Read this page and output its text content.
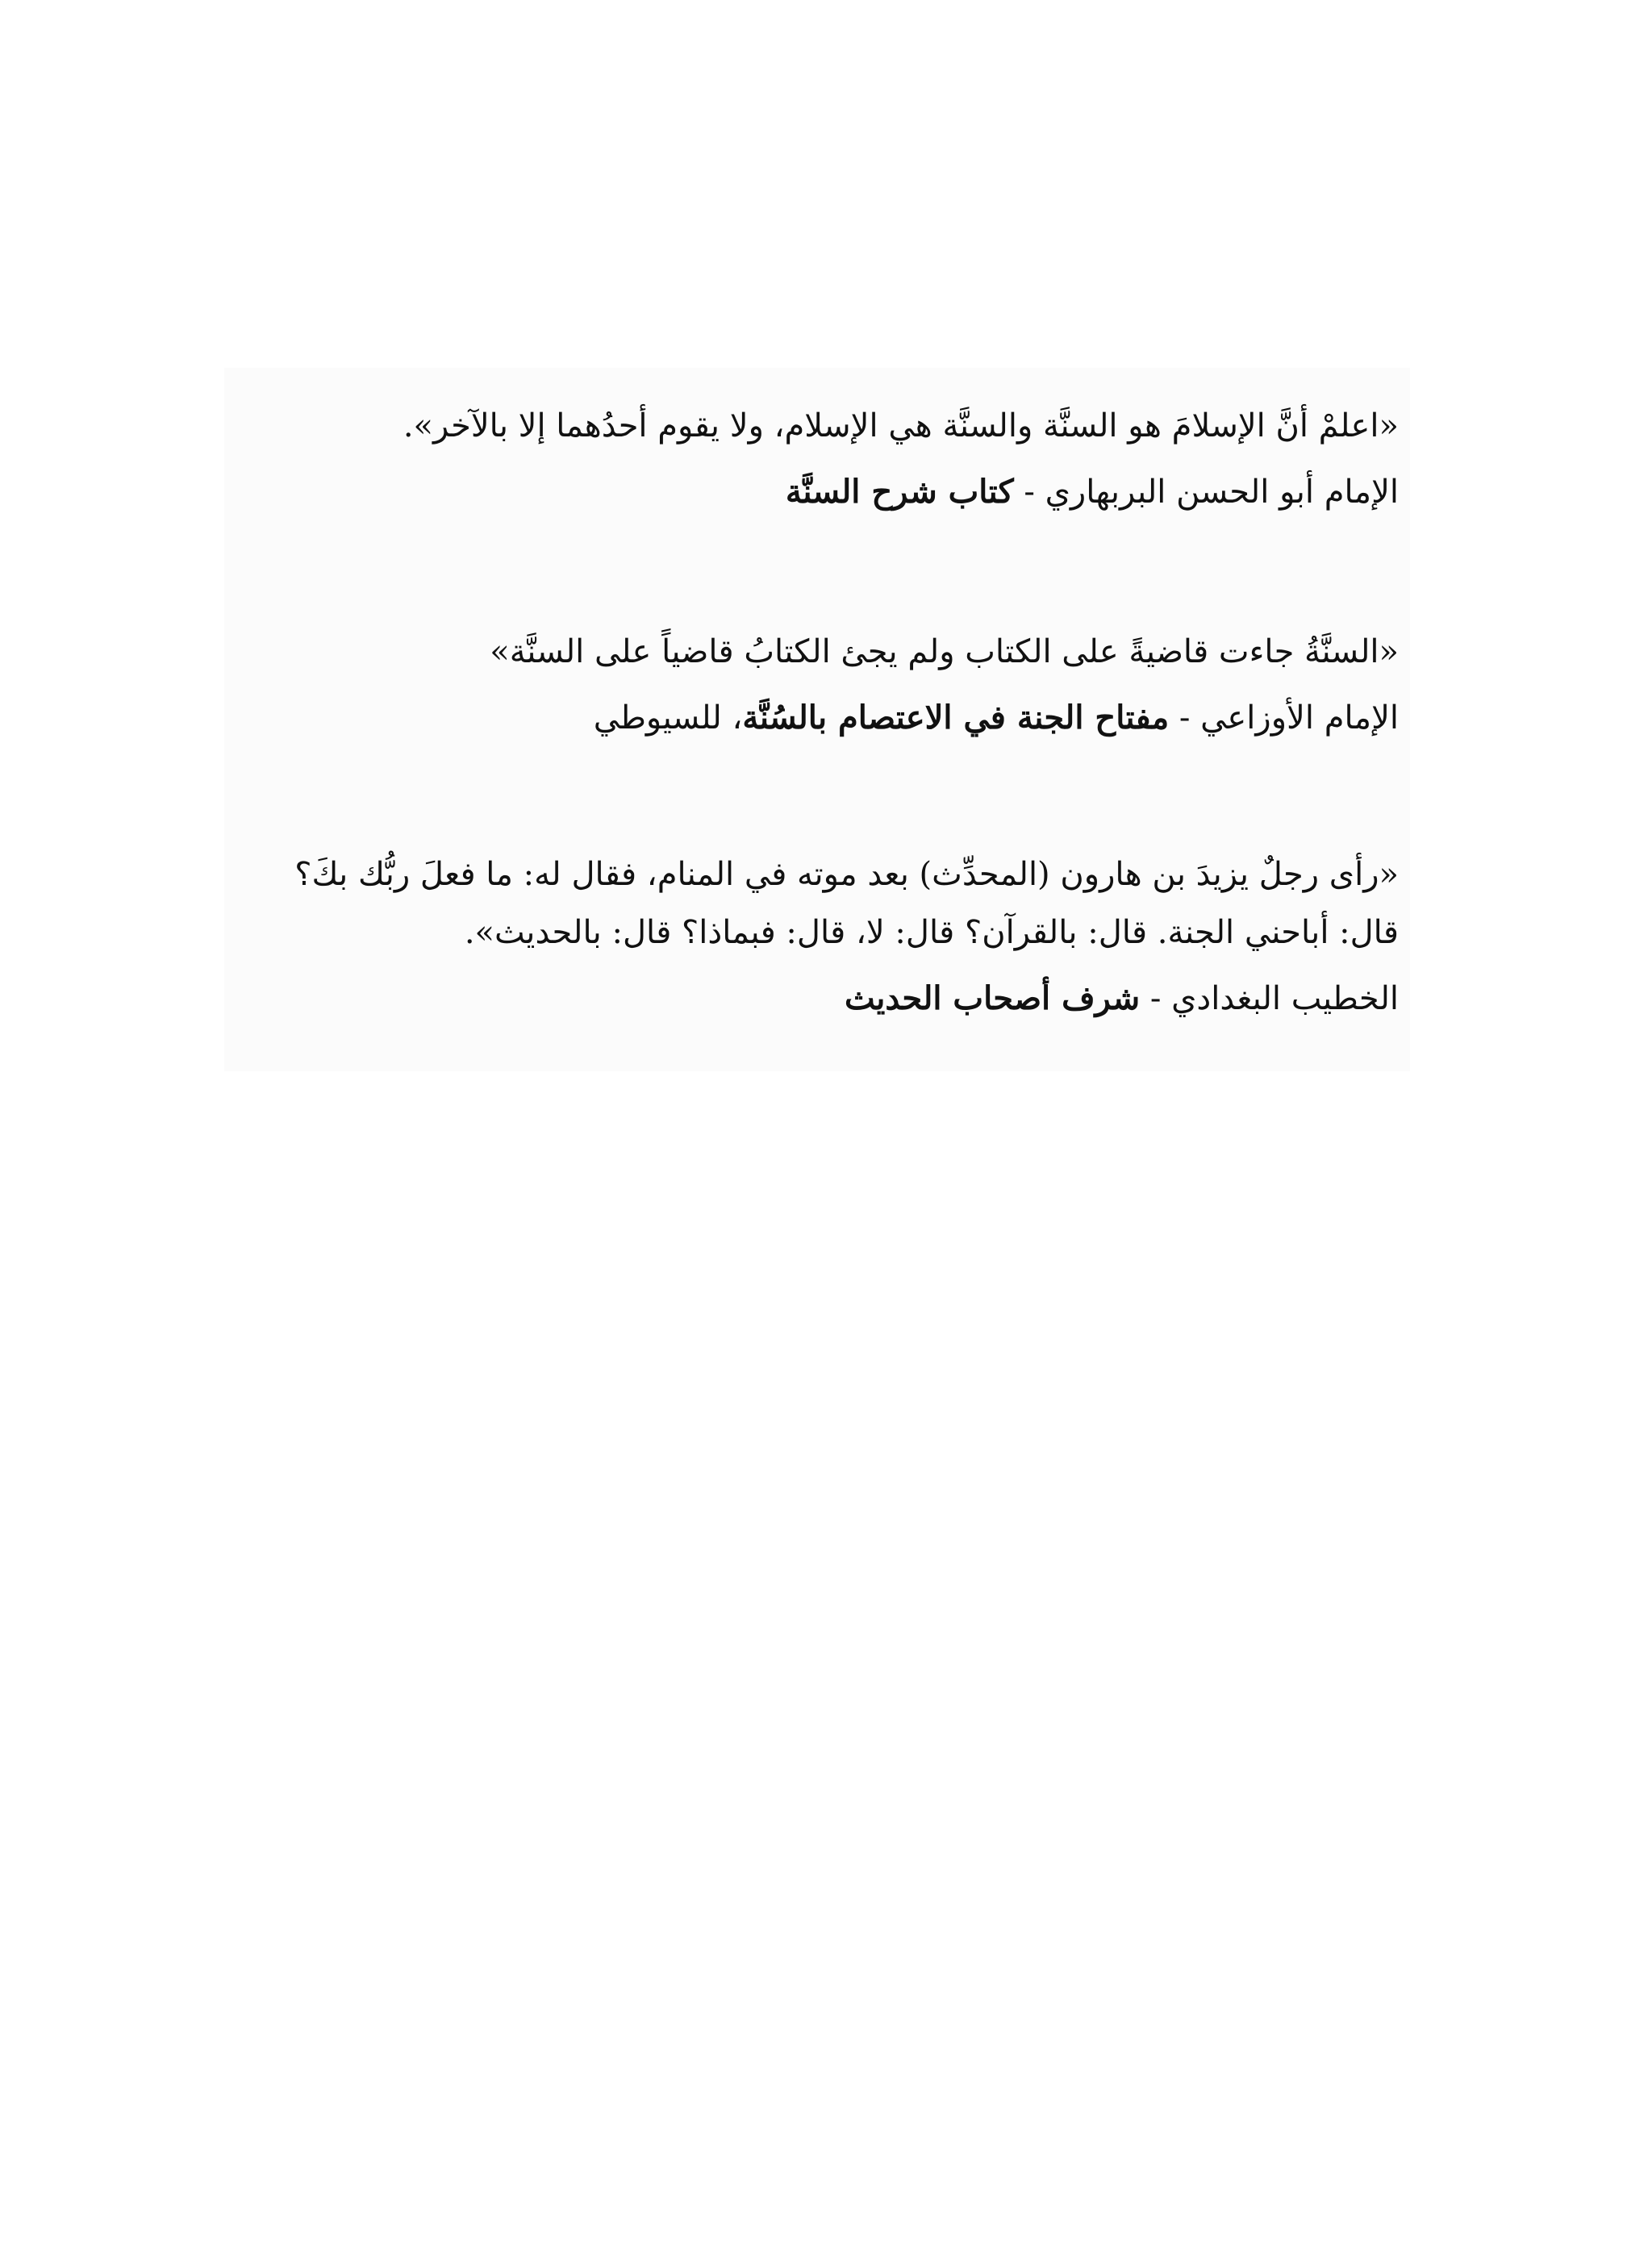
«اعلمْ أنَّ الإسلامَ هو السنَّة والسنَّة هي الإسلام، ولا يقوم أحدُهما إلا بالآخر».

الإمام أبو الحسن البربهاري - كتاب شرح السنَّة

«السنَّةُ جاءت قاضيةً على الكتاب ولم يجئ الكتابُ قاضياً على السنَّة»

الإمام الأوزاعي - مفتاح الجنة في الاعتصام بالسُنَّة، للسيوطي

«رأى رجلٌ يزيدَ بن هارون (المحدِّث) بعد موته في المنام، فقال له: ما فعلَ ربُّك بكَ؟ قال: أباحني الجنة. قال: بالقرآن؟ قال: لا، قال: فبماذا؟ قال: بالحديث».

الخطيب البغدادي - شرف أصحاب الحديث
